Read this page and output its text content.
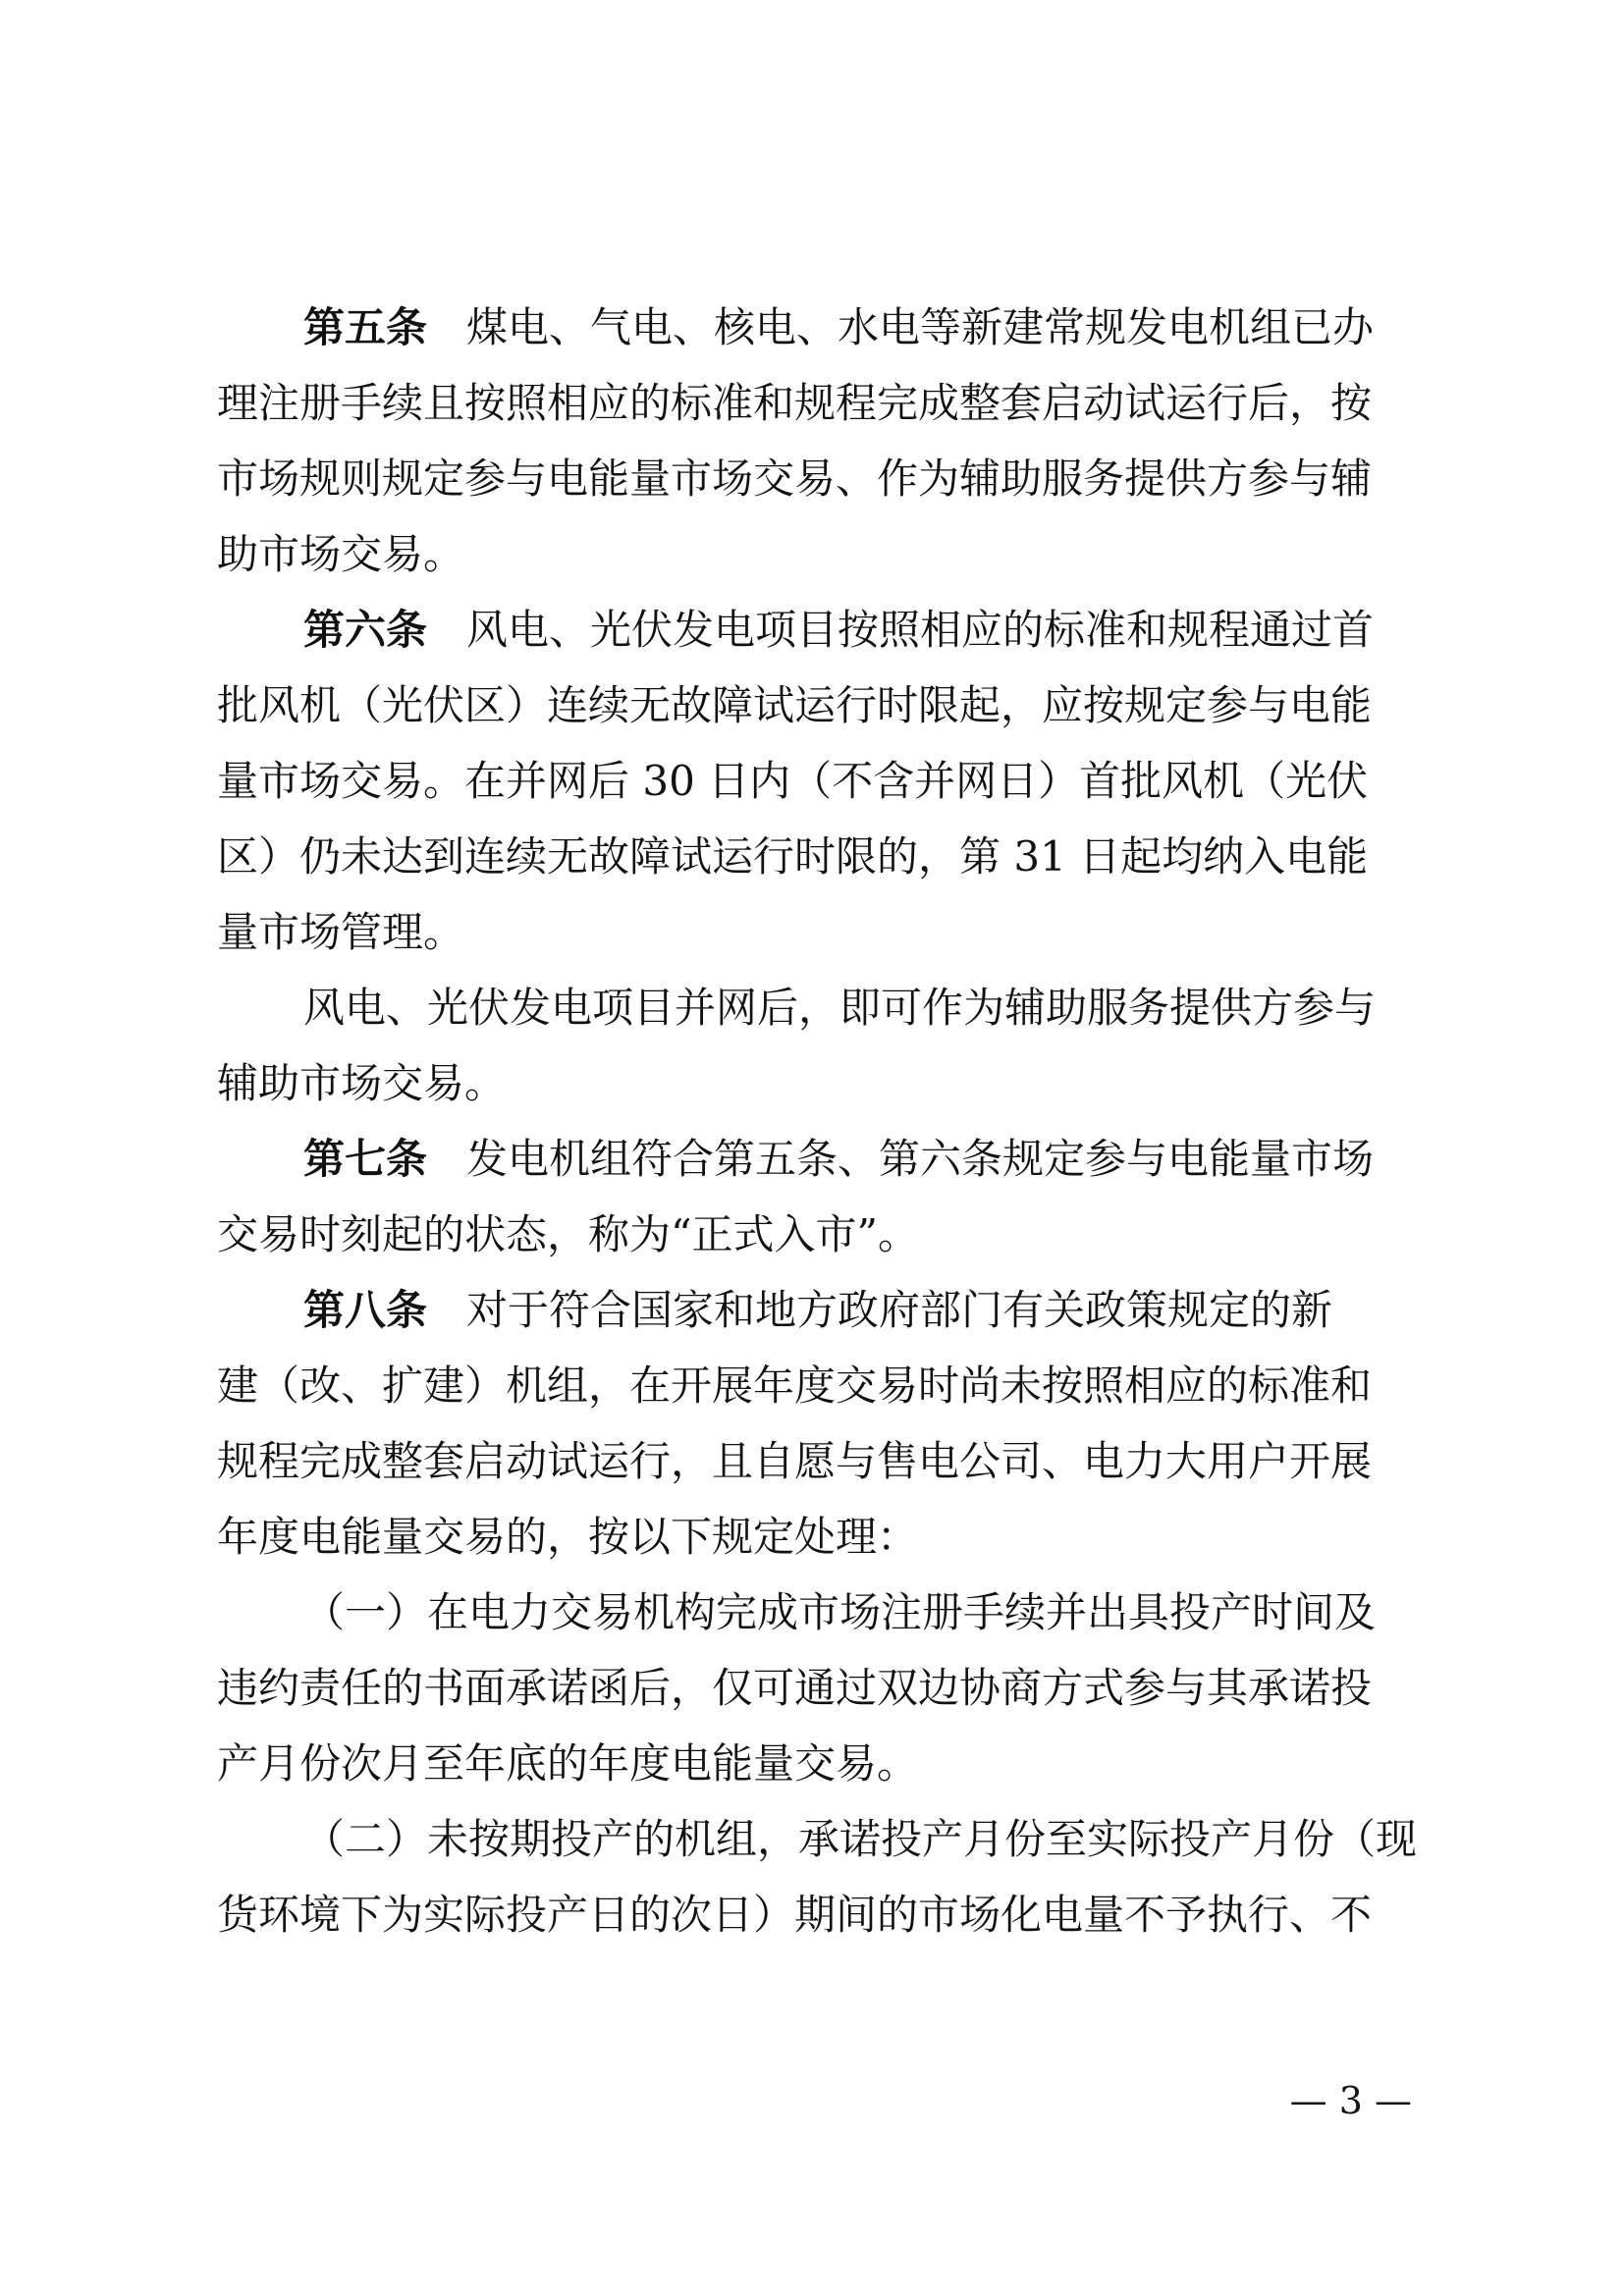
第五条 煤电、气电、核电、水电等新建常规发电机组已办
理注册手续且按照相应的标准和规程完成整套启动试运行后，按
市场规则规定参与电能量市场交易、作为辅助服务提供方参与辅
助市场交易。
第六条 风电、光伏发电项目按照相应的标准和规程通过首
批风机（光伏区）连续无故障试运行时限起，应按规定参与电能
量市场交易。在并网后 30 日内（不含并网日）首批风机（光伏
区）仍未达到连续无故障试运行时限的，第 31 日起均纳入电能
量市场管理。
风电、光伏发电项目并网后，即可作为辅助服务提供方参与
辅助市场交易。
第七条 发电机组符合第五条、第六条规定参与电能量市场
交易时刻起的状态，称为“正式入市”。
第八条 对于符合国家和地方政府部门有关政策规定的新
建（改、扩建）机组，在开展年度交易时尚未按照相应的标准和
规程完成整套启动试运行，且自愿与售电公司、电力大用户开展
年度电能量交易的，按以下规定处理：
（一）在电力交易机构完成市场注册手续并出具投产时间及
违约责任的书面承诺函后，仅可通过双边协商方式参与其承诺投
产月份次月至年底的年度电能量交易。
（二）未按期投产的机组，承诺投产月份至实际投产月份（现
货环境下为实际投产日的次日）期间的市场化电量不予执行、不
— 3 —
